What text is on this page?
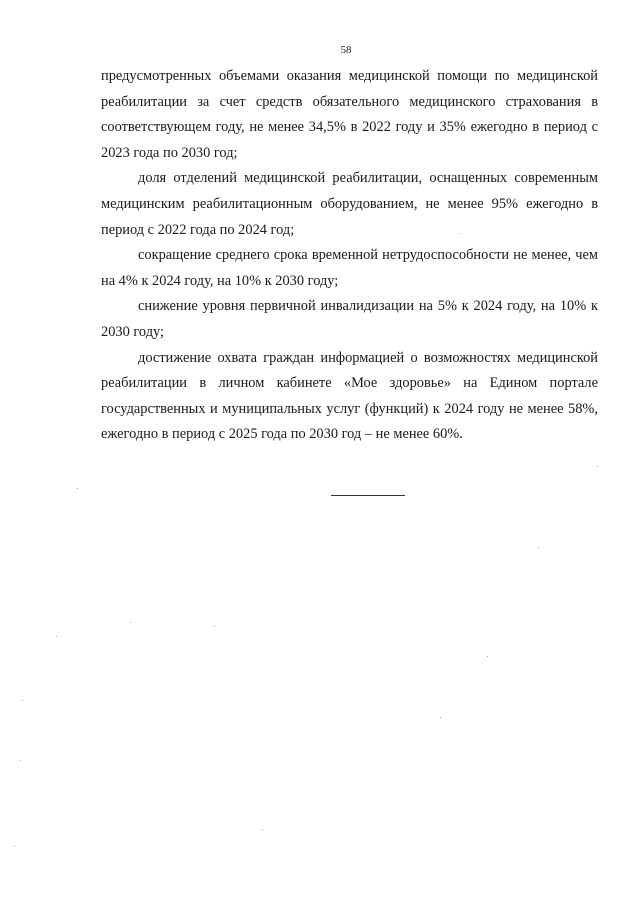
58

предусмотренных объемами оказания медицинской помощи по медицинской реабилитации за счет средств обязательного медицинского страхования в соответствующем году, не менее 34,5% в 2022 году и 35% ежегодно в период с 2023 года по 2030 год;

доля отделений медицинской реабилитации, оснащенных современным медицинским реабилитационным оборудованием, не менее 95% ежегодно в период с 2022 года по 2024 год;

сокращение среднего срока временной нетрудоспособности не менее, чем на 4% к 2024 году, на 10% к 2030 году;

снижение уровня первичной инвалидизации на 5% к 2024 году, на 10% к 2030 году;

достижение охвата граждан информацией о возможностях медицинской реабилитации в личном кабинете «Мое здоровье» на Едином портале государственных и муниципальных услуг (функций) к 2024 году не менее 58%, ежегодно в период с 2025 года по 2030 год – не менее 60%.
